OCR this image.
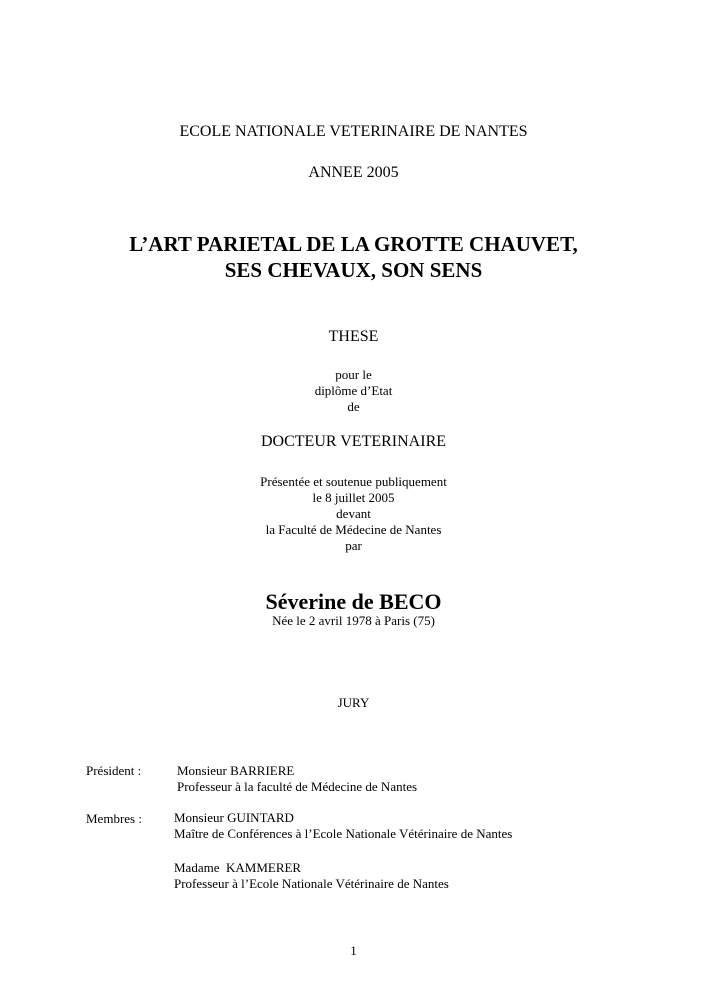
ECOLE NATIONALE VETERINAIRE DE NANTES
ANNEE 2005
L’ART PARIETAL DE LA GROTTE CHAUVET,
SES CHEVAUX, SON SENS
THESE
pour le
diplôme d’Etat
de
DOCTEUR VETERINAIRE
Présentée et soutenue publiquement
le 8 juillet 2005
devant
la Faculté de Médecine de Nantes
par
Séverine de BECO
Née le 2 avril 1978 à Paris (75)
JURY
Président :	Monsieur BARRIERE
Professeur à la faculté de Médecine de Nantes
Membres : Monsieur GUINTARD
Maître de Conférences à l’Ecole Nationale Vétérinaire de Nantes
Madame  KAMMERER
Professeur à l’Ecole Nationale Vétérinaire de Nantes
1
